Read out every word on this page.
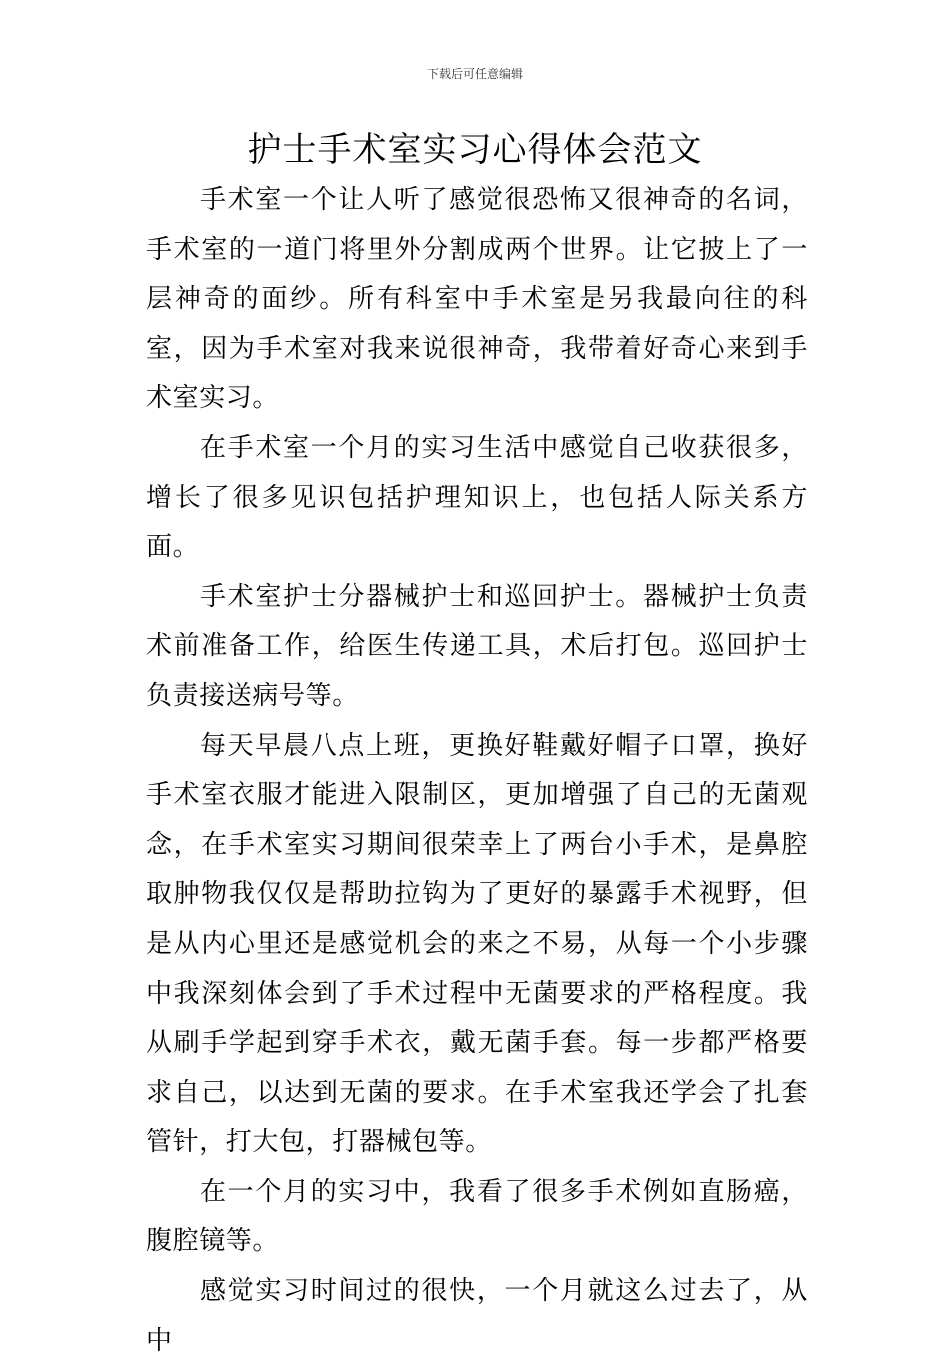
下载后可任意编辑
护士手术室实习心得体会范文

手术室一个让人听了感觉很恐怖又很神奇的名词，手术室的一道门将里外分割成两个世界。让它披上了一层神奇的面纱。所有科室中手术室是另我最向往的科室，因为手术室对我来说很神奇，我带着好奇心来到手术室实习。

在手术室一个月的实习生活中感觉自己收获很多，增长了很多见识包括护理知识上，也包括人际关系方面。

手术室护士分器械护士和巡回护士。器械护士负责术前准备工作，给医生传递工具，术后打包。巡回护士负责接送病号等。

每天早晨八点上班，更换好鞋戴好帽子口罩，换好手术室衣服才能进入限制区，更加增强了自己的无菌观念，在手术室实习期间很荣幸上了两台小手术，是鼻腔取肿物我仅仅是帮助拉钩为了更好的暴露手术视野，但是从内心里还是感觉机会的来之不易，从每一个小步骤中我深刻体会到了手术过程中无菌要求的严格程度。我从刷手学起到穿手术衣，戴无菌手套。每一步都严格要求自己，以达到无菌的要求。在手术室我还学会了扎套管针，打大包，打器械包等。

在一个月的实习中，我看了很多手术例如直肠癌，腹腔镜等。

感觉实习时间过的很快，一个月就这么过去了，从中
